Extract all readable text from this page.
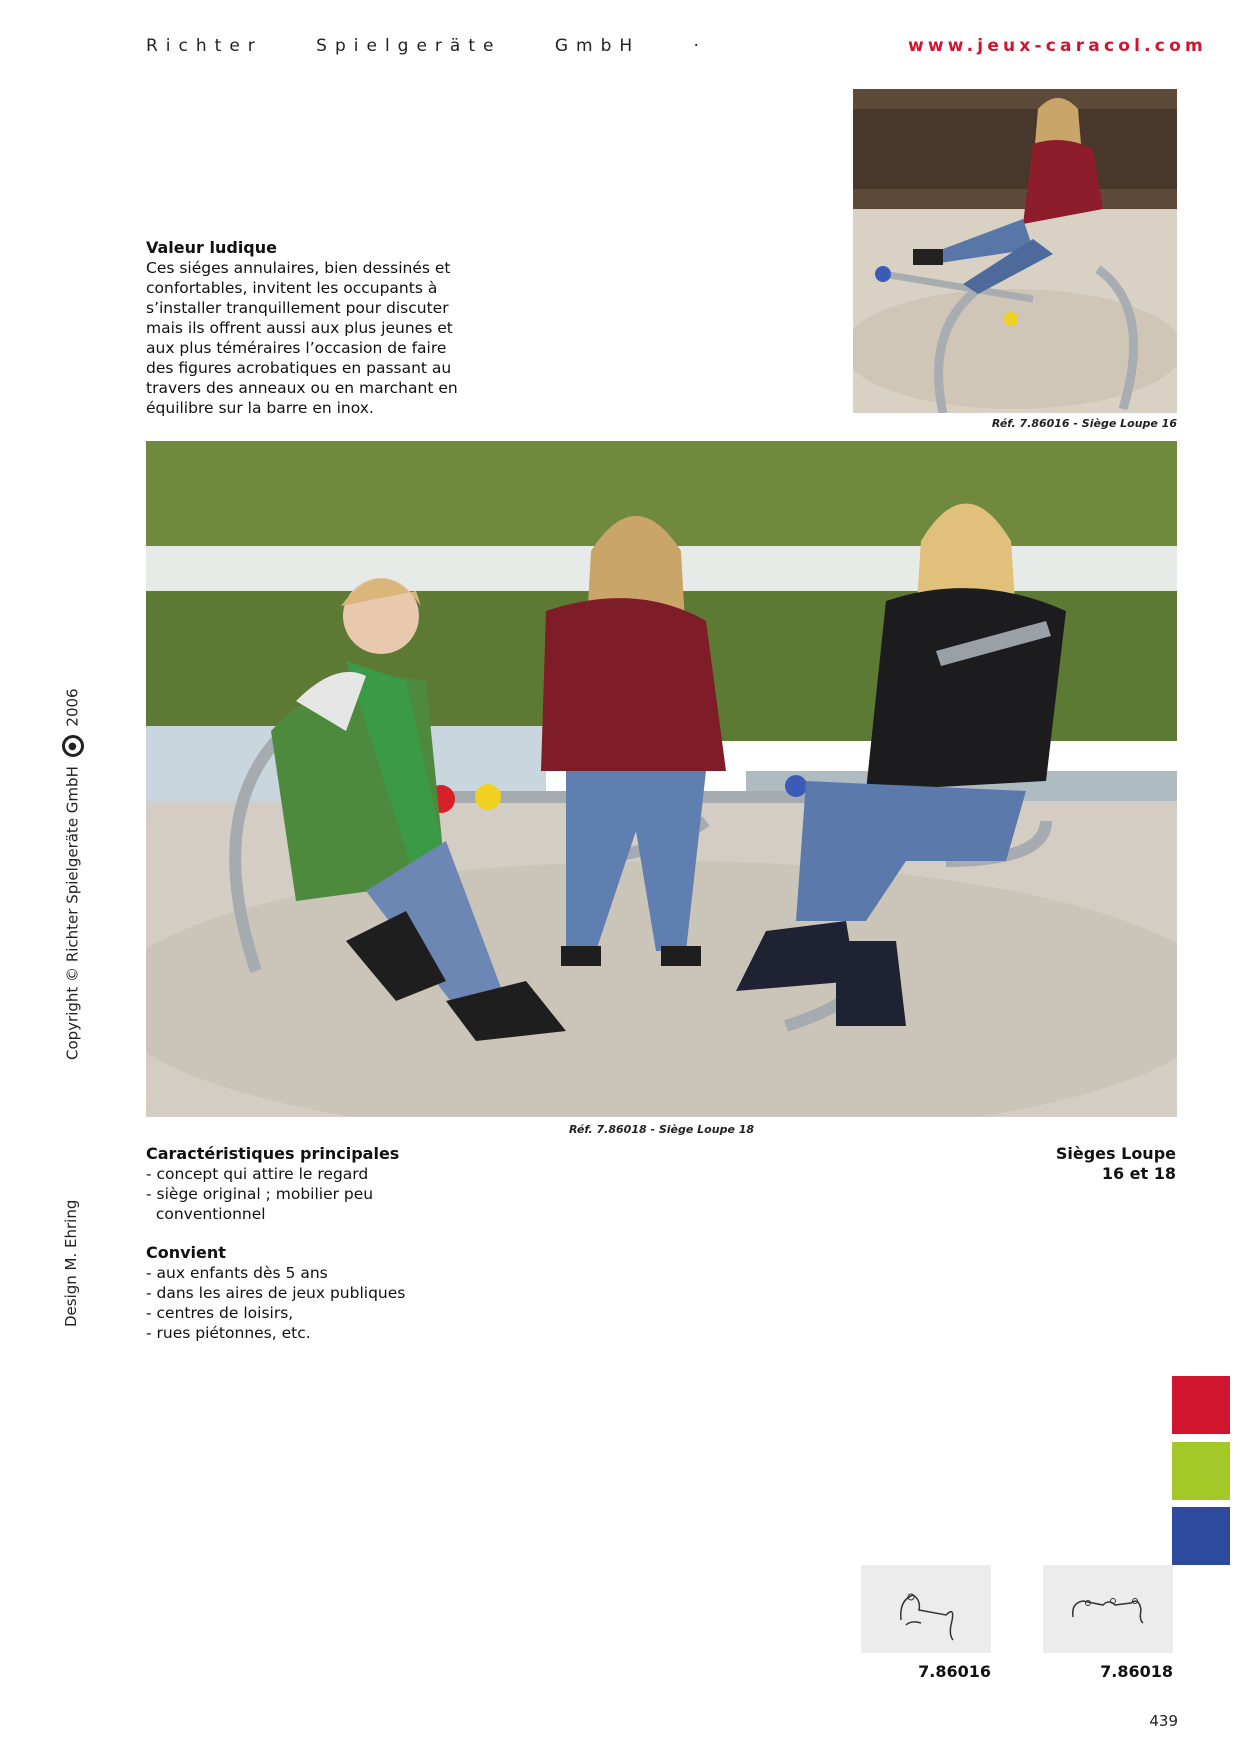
Richter Spielgeräte GmbH ·	www.jeux-caracol.com
Valeur ludique
Ces siéges annulaires, bien dessinés et
confortables, invitent les occupants à
s’installer tranquillement pour discuter
mais ils offrent aussi aux plus jeunes et
aux plus téméraires l’occasion de faire
des figures acrobatiques en passant au
travers des anneaux ou en marchant en
équilibre sur la barre en inox.
Réf. 7.86016 - Siège Loupe 16
Réf. 7.86018 - Siège Loupe 18
Caractéristiques principales
- concept qui attire le regard
- siège original ; mobilier peu
conventionnel
Convient
- aux enfants dès 5 ans
- dans les aires de jeux publiques
- centres de loisirs,
- rues piétonnes, etc.
Sièges Loupe
16 et 18
Copyright © Richter Spielgeräte GmbH ● 2006
Design M. Ehring
7.86016	7.86018
439
